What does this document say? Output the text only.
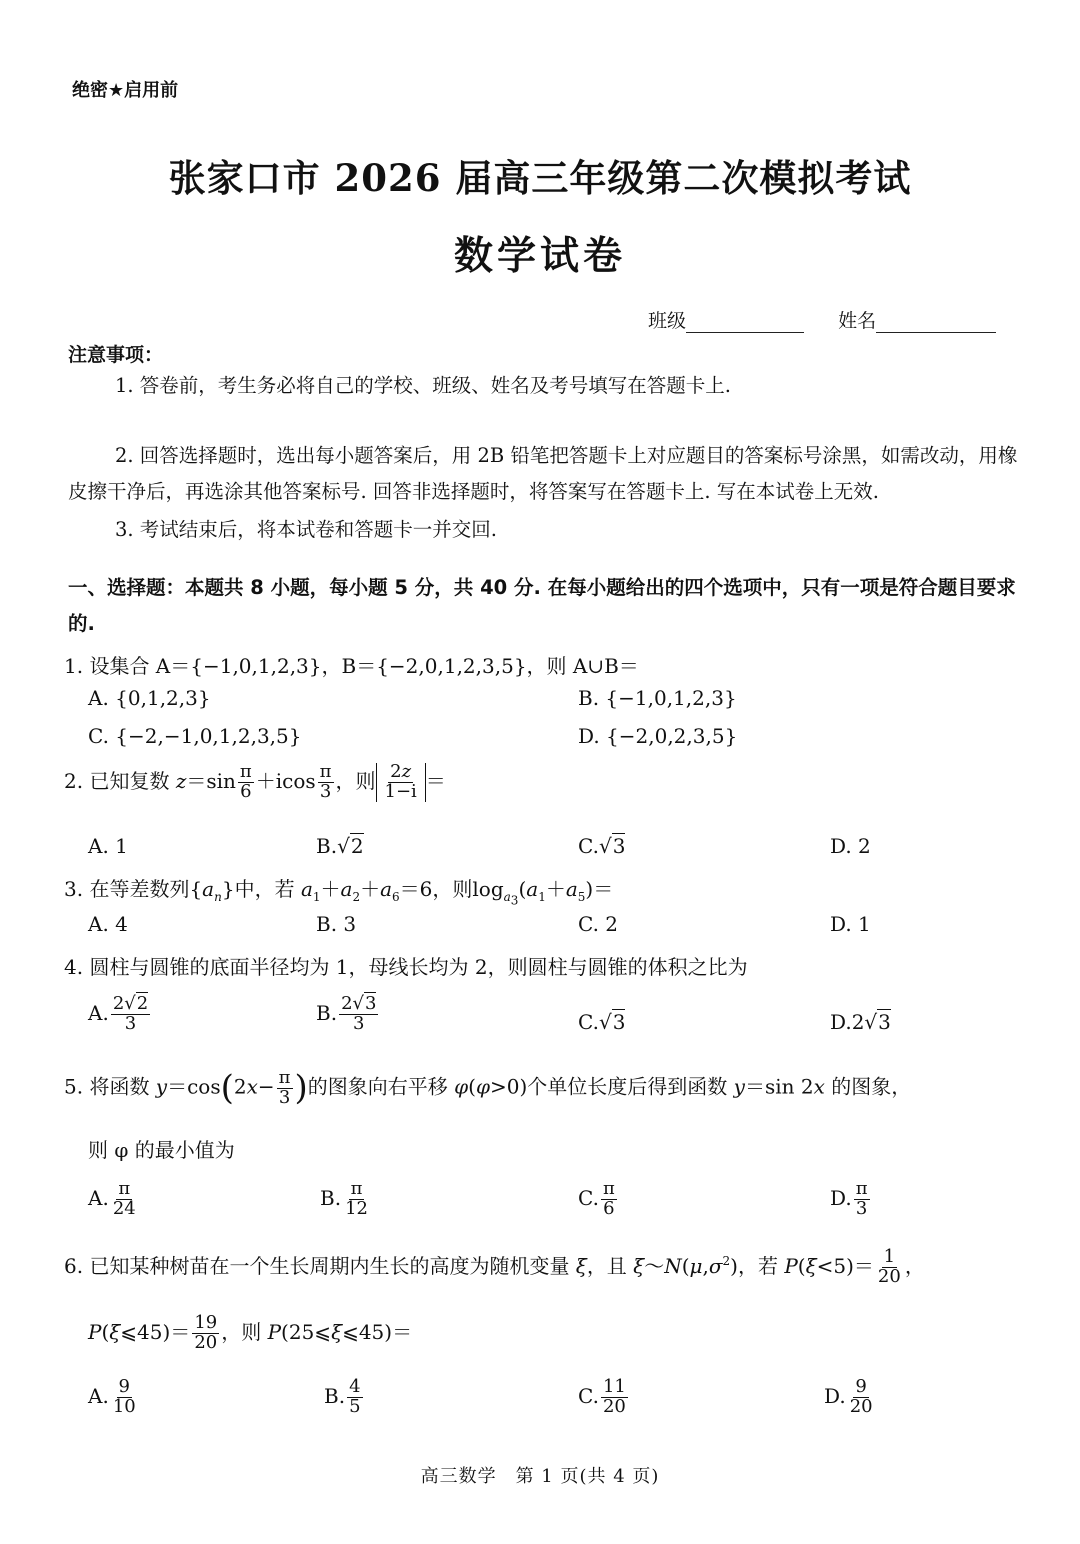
绝密★启用前
张家口市 2026 届高三年级第二次模拟考试
数学试卷
班级	姓名
注意事项：
1. 答卷前，考生务必将自己的学校、班级、姓名及考号填写在答题卡上.
2. 回答选择题时，选出每小题答案后，用 2B 铅笔把答题卡上对应题目的答案标号涂黑，如需改动，用橡皮擦干净后，再选涂其他答案标号. 回答非选择题时，将答案写在答题卡上. 写在本试卷上无效.
3. 考试结束后，将本试卷和答题卡一并交回.
一、选择题：本题共 8 小题，每小题 5 分，共 40 分. 在每小题给出的四个选项中，只有一项是符合题目要求的.
1. 设集合 A＝{−1,0,1,2,3}，B＝{−2,0,1,2,3,5}，则 A∪B＝
A. {0,1,2,3}	B. {−1,0,1,2,3}
C. {−2,−1,0,1,2,3,5}	D. {−2,0,2,3,5}
2. 已知复数 $z=\sin \frac{\pi}{6} +icos \frac{\pi}{3}$ ，则 $\frac{2z}{1-i}$ ＝
A. 1	B.√2	C.√3	D. 2
3. 在等差数列$\{a_n\}$中，若 $a_1+a_2+a_6=6$，则$\log_{a_3}(a_1+a_5)=$
A. 4	B. 3	C. 2	D. 1
4. 圆柱与圆锥的底面半径均为 1，母线长均为 2，则圆柱与圆锥的体积之比为
A. $\frac{2√2}{3}$	B. $\frac{2√3}{3}$	C.√3	D.2√3
5. 将函数 $y=\cos(2x- \frac{\pi}{3}$ )的图象向右平移 φ(φ>0)个单位长度后得到函数 y＝sin 2x 的图象，
则 φ 的最小值为
A. $\frac{\pi}{24}$	B. $\frac{\pi}{12}$	C. $\frac{\pi}{6}$	D. $\frac{\pi}{3}$
6. 已知某种树苗在一个生长周期内生长的高度为随机变量 ξ，且 $\xi\sim N(\mu,\sigma^2)$，若 $P(\xi<5)= \frac{1}{20}$ ，
P(ξ⩽45)＝ $\frac{19}{20}$ ，则 P(25⩽ξ⩽45)＝
A. $\frac{9}{10}$	B. $\frac{4}{5}$	C. $\frac{11}{20}$	D. $\frac{9}{20}$
高三数学　第 1 页(共 4 页)
